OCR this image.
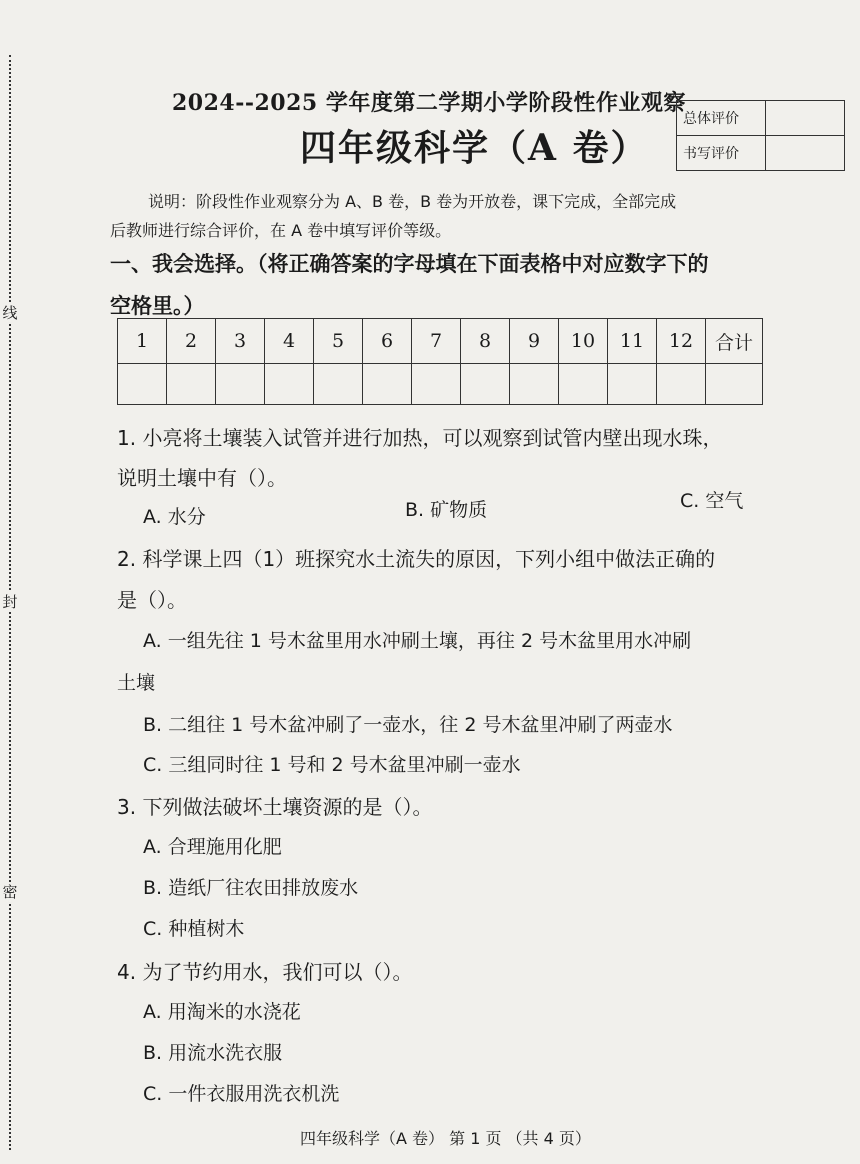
线
封
密
2024--2025 学年度第二学期小学阶段性作业观察
四年级科学（A 卷）
总体评价	
书写评价	
说明：阶段性作业观察分为 A、B 卷，B 卷为开放卷，课下完成，全部完成
后教师进行综合评价，在 A 卷中填写评价等级。
一、我会选择。（将正确答案的字母填在下面表格中对应数字下的
空格里。）
1	2	3	4	5	6	7	8	9	10	11	12	合计

1. 小亮将土壤装入试管并进行加热，可以观察到试管内壁出现水珠，
说明土壤中有（）。
A. 水分	B. 矿物质	C. 空气
2. 科学课上四（1）班探究水土流失的原因，下列小组中做法正确的
是（）。
A. 一组先往 1 号木盆里用水冲刷土壤，再往 2 号木盆里用水冲刷
土壤
B. 二组往 1 号木盆冲刷了一壶水，往 2 号木盆里冲刷了两壶水
C. 三组同时往 1 号和 2 号木盆里冲刷一壶水
3. 下列做法破坏土壤资源的是（）。
A. 合理施用化肥
B. 造纸厂往农田排放废水
C. 种植树木
4. 为了节约用水，我们可以（）。
A. 用淘米的水浇花
B. 用流水洗衣服
C. 一件衣服用洗衣机洗
四年级科学（A 卷） 第 1 页 （共 4 页）
